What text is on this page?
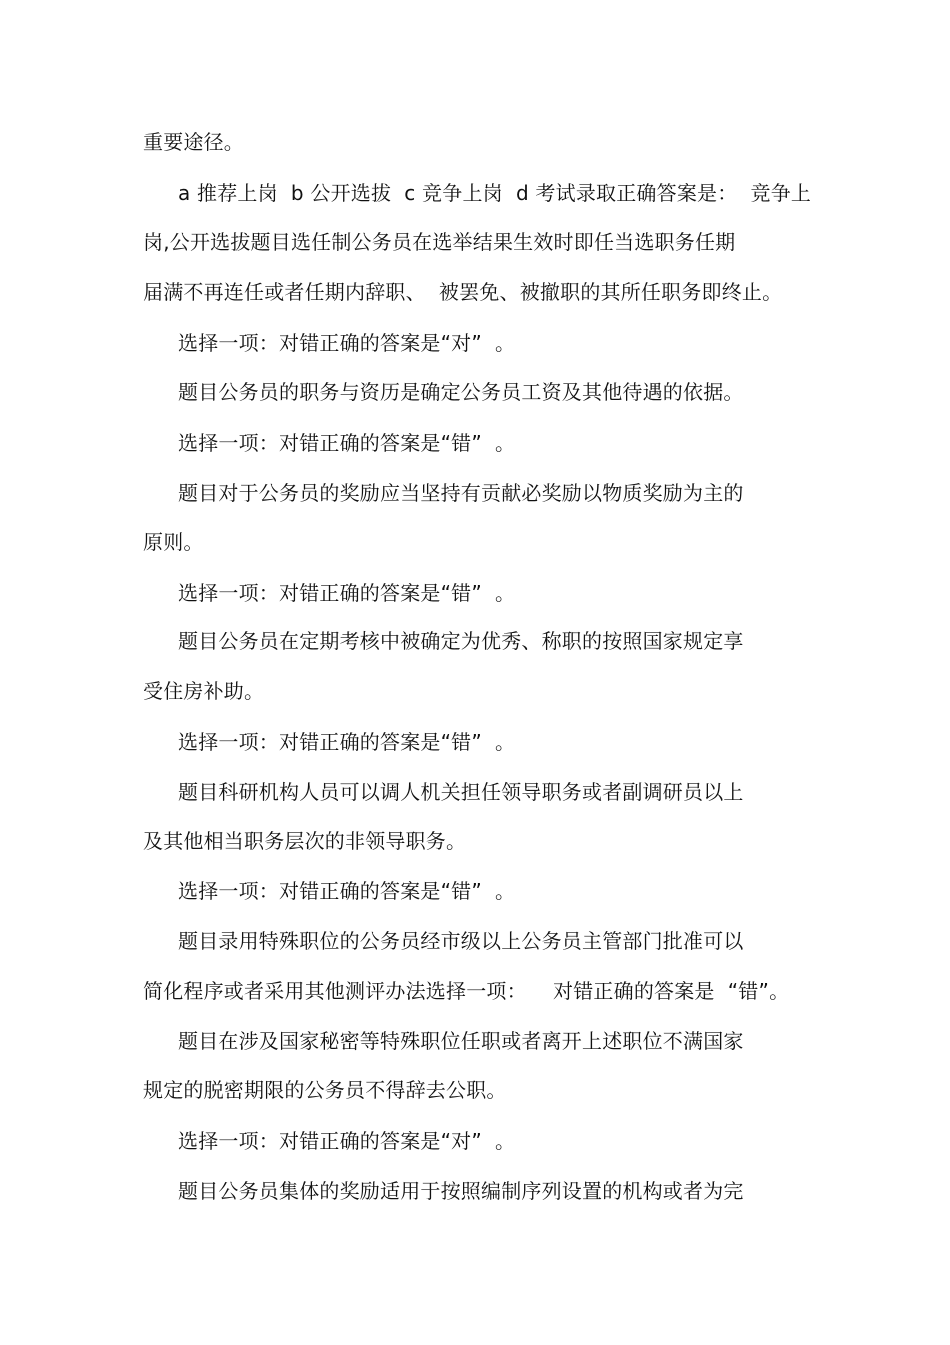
重要途径。
a 推荐上岗  b 公开选拔  c 竞争上岗  d 考试录取正确答案是：  竞争上
岗,公开选拔题目选任制公务员在选举结果生效时即任当选职务任期
届满不再连任或者任期内辞职、  被罢免、被撤职的其所任职务即终止。
选择一项：对错正确的答案是“对”  。
题目公务员的职务与资历是确定公务员工资及其他待遇的依据。
选择一项：对错正确的答案是“错”  。
题目对于公务员的奖励应当坚持有贡献必奖励以物质奖励为主的
原则。
选择一项：对错正确的答案是“错”  。
题目公务员在定期考核中被确定为优秀、称职的按照国家规定享
受住房补助。
选择一项：对错正确的答案是“错”  。
题目科研机构人员可以调人机关担任领导职务或者副调研员以上
及其他相当职务层次的非领导职务。
选择一项：对错正确的答案是“错”  。
题目录用特殊职位的公务员经市级以上公务员主管部门批准可以
简化程序或者采用其他测评办法选择一项：    对错正确的答案是  “错”。
题目在涉及国家秘密等特殊职位任职或者离开上述职位不满国家
规定的脱密期限的公务员不得辞去公职。
选择一项：对错正确的答案是“对”  。
题目公务员集体的奖励适用于按照编制序列设置的机构或者为完
